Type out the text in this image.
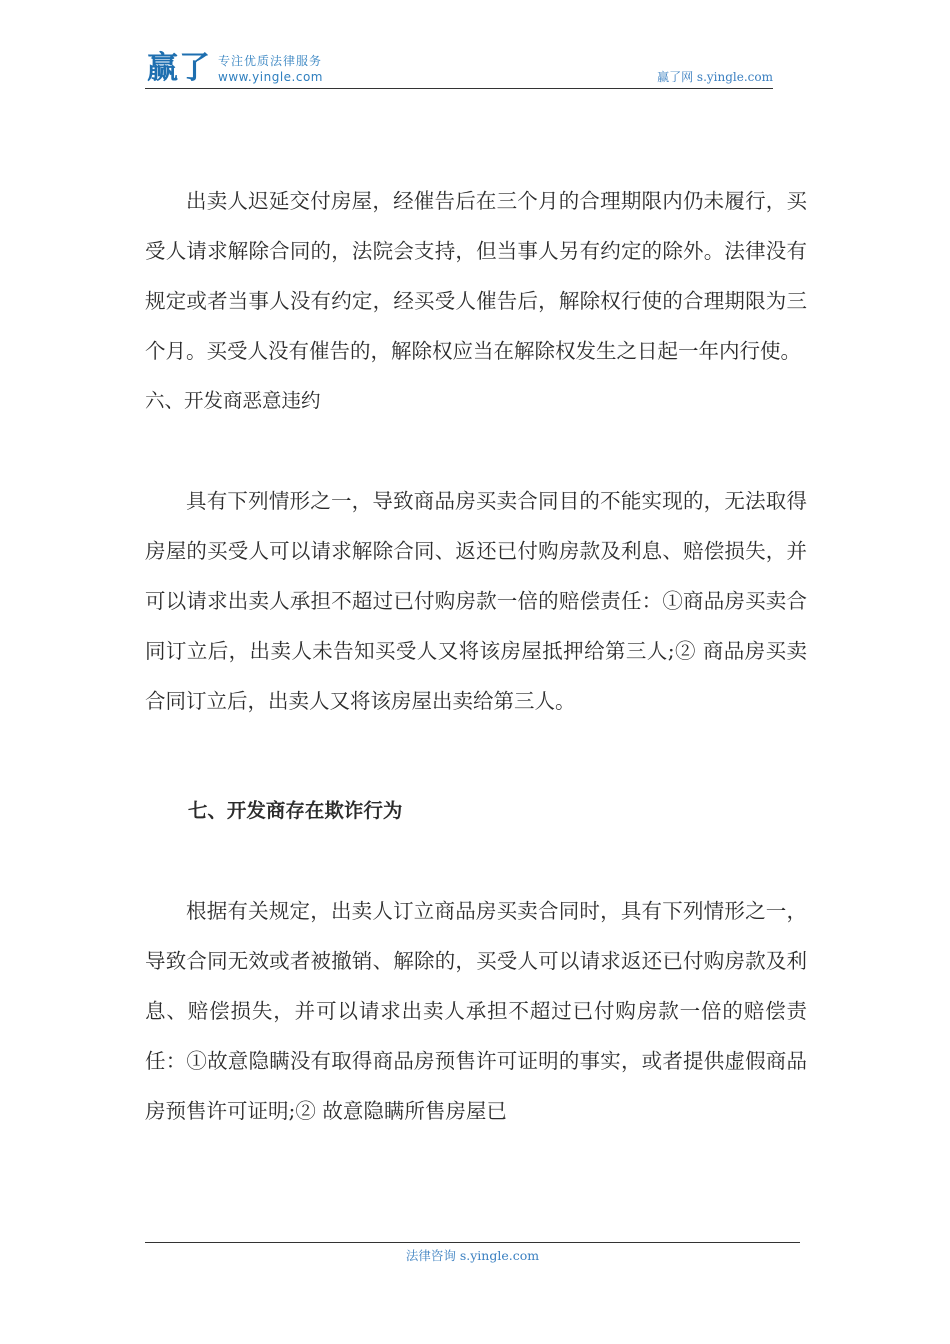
赢了 专注优质法律服务
www.yingle.com	赢了网 s.yingle.com

出卖人迟延交付房屋，经催告后在三个月的合理期限内仍未履行，买受人请求解除合同的，法院会支持，但当事人另有约定的除外。法律没有规定或者当事人没有约定，经买受人催告后，解除权行使的合理期限为三个月。买受人没有催告的，解除权应当在解除权发生之日起一年内行使。

六、开发商恶意违约

具有下列情形之一，导致商品房买卖合同目的不能实现的，无法取得房屋的买受人可以请求解除合同、返还已付购房款及利息、赔偿损失，并可以请求出卖人承担不超过已付购房款一倍的赔偿责任：①商品房买卖合同订立后，出卖人未告知买受人又将该房屋抵押给第三人;② 商品房买卖合同订立后，出卖人又将该房屋出卖给第三人。

七、开发商存在欺诈行为

根据有关规定，出卖人订立商品房买卖合同时，具有下列情形之一，导致合同无效或者被撤销、解除的，买受人可以请求返还已付购房款及利息、赔偿损失，并可以请求出卖人承担不超过已付购房款一倍的赔偿责任：①故意隐瞒没有取得商品房预售许可证明的事实，或者提供虚假商品房预售许可证明;② 故意隐瞒所售房屋已

法律咨询 s.yingle.com
